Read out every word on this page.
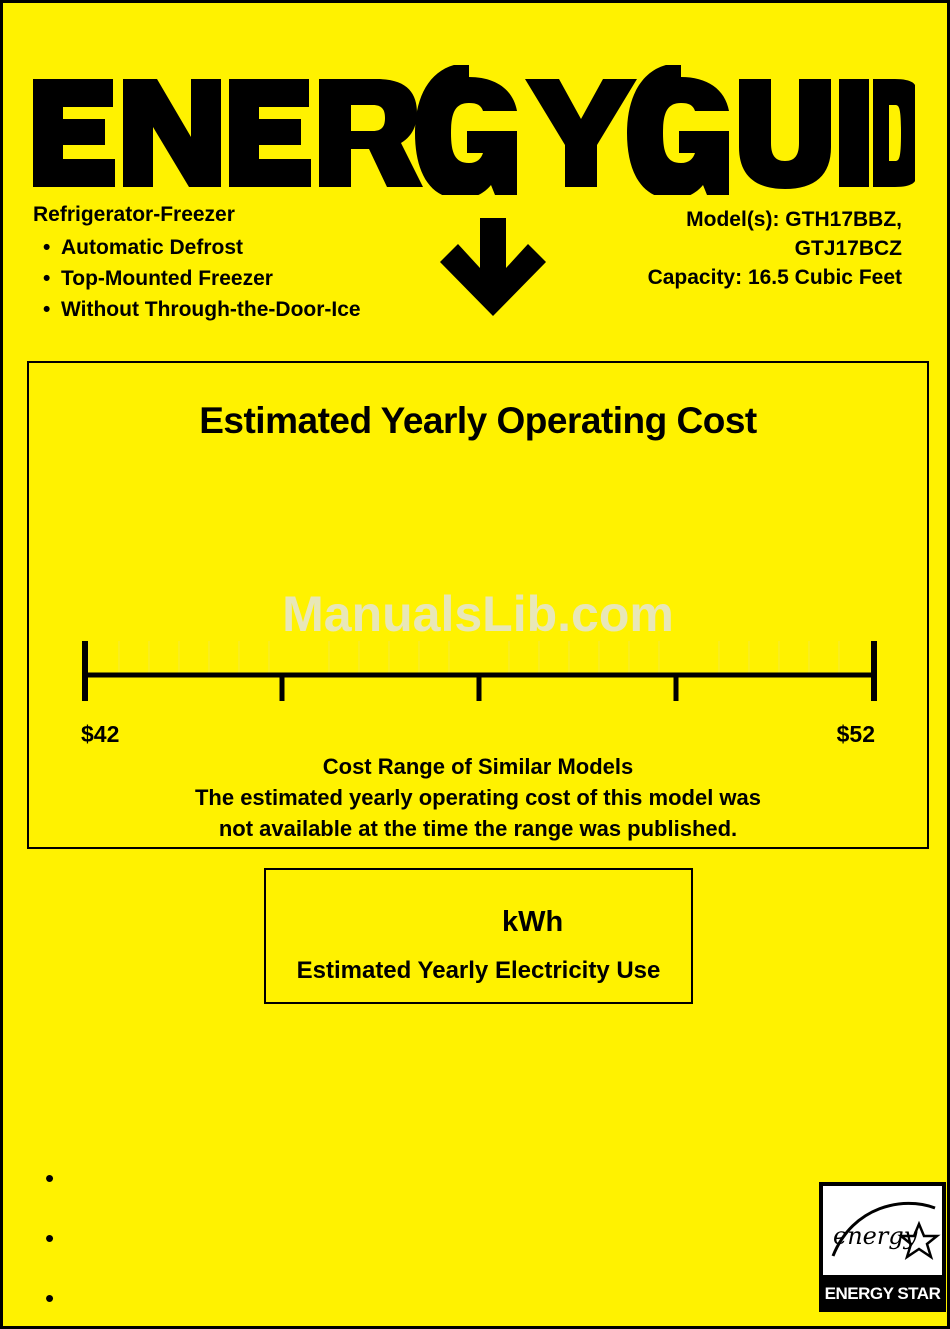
Refrigerator-Freezer
• Automatic Defrost
• Top-Mounted Freezer
• Without Through-the-Door-Ice
Model(s): GTH17BBZ,
GTJ17BCZ
Capacity: 16.5 Cubic Feet
Estimated Yearly Operating Cost
ManualsLib.com
$42	$52
Cost Range of Similar Models
The estimated yearly operating cost of this model was
not available at the time the range was published.
kWh
Estimated Yearly Electricity Use
•
•
•
energy
ENERGY STAR
